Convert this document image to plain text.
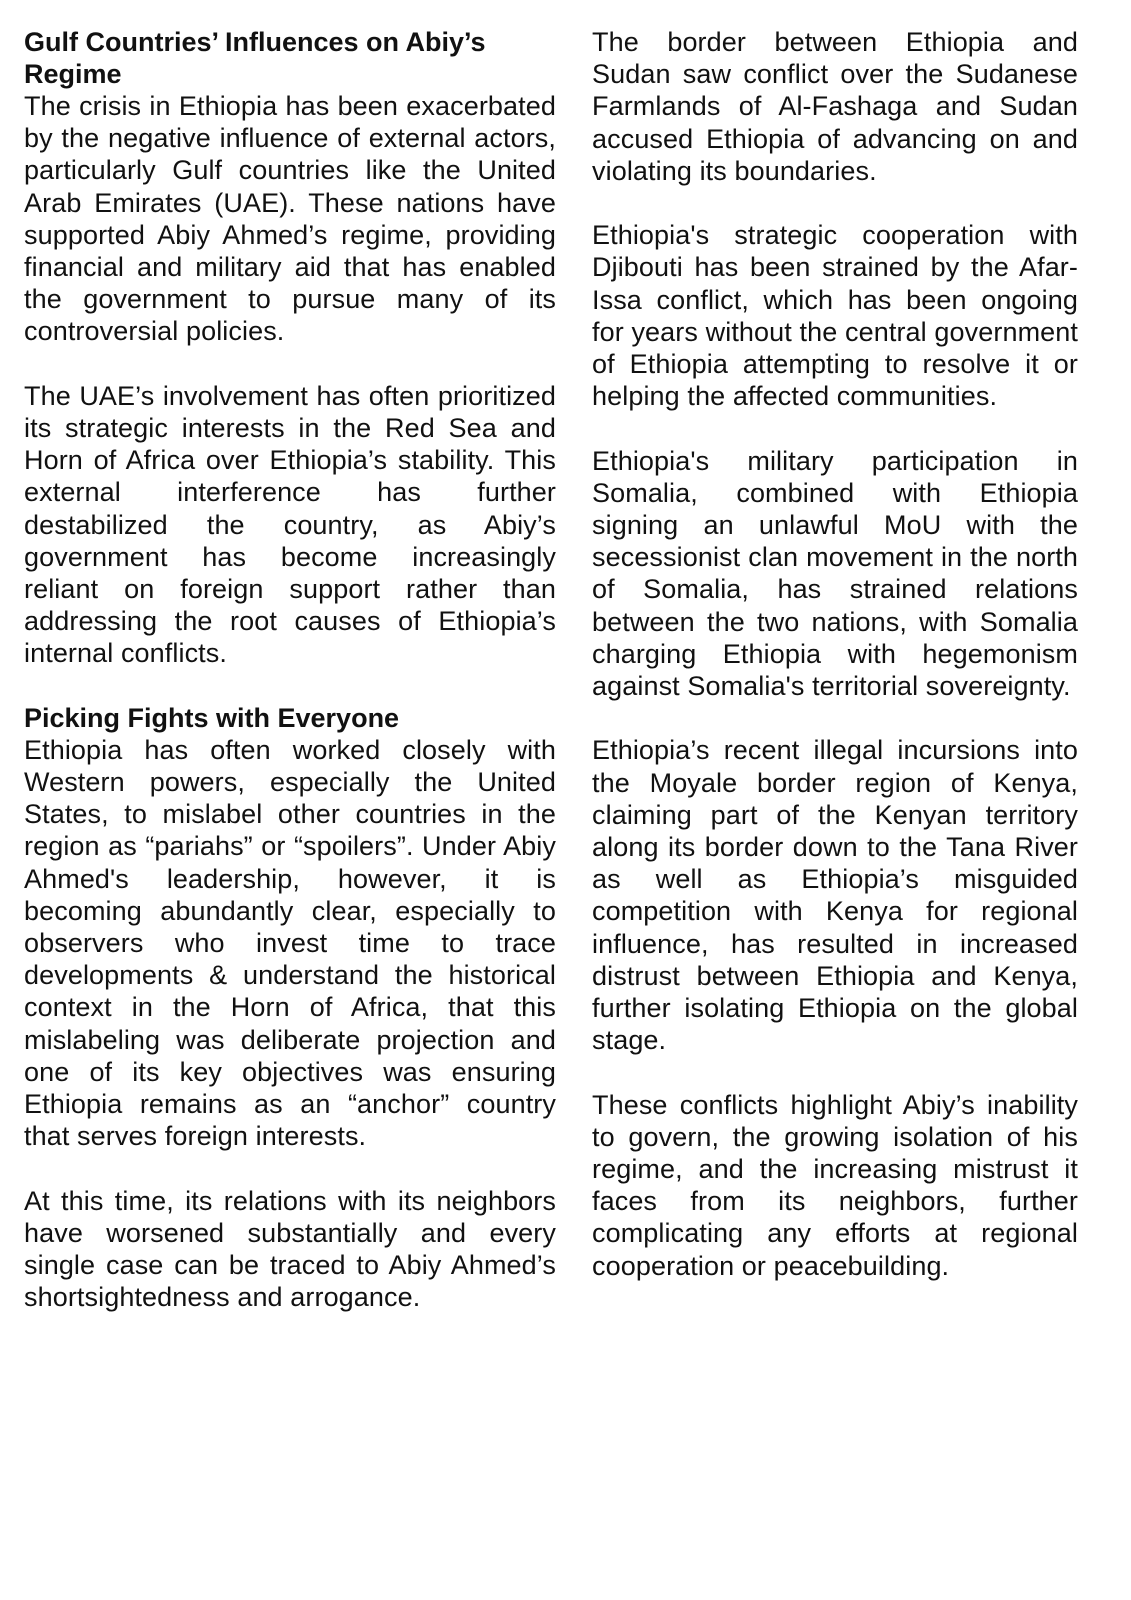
Gulf Countries’ Influences on Abiy’s Regime

The crisis in Ethiopia has been exacerbated by the negative influence of external actors, particularly Gulf countries like the United Arab Emirates (UAE). These nations have supported Abiy Ahmed’s regime, providing financial and military aid that has enabled the government to pursue many of its controversial policies.

The UAE’s involvement has often prioritized its strategic interests in the Red Sea and Horn of Africa over Ethiopia’s stability. This external interference has further destabilized the country, as Abiy’s government has become increasingly reliant on foreign support rather than addressing the root causes of Ethiopia’s internal conflicts.

Picking Fights with Everyone

Ethiopia has often worked closely with Western powers, especially the United States, to mislabel other countries in the region as “pariahs” or “spoilers”. Under Abiy Ahmed's leadership, however, it is becoming abundantly clear, especially to observers who invest time to trace developments & understand the historical context in the Horn of Africa, that this mislabeling was deliberate projection and one of its key objectives was ensuring Ethiopia remains as an “anchor” country that serves foreign interests.

At this time, its relations with its neighbors have worsened substantially and every single case can be traced to Abiy Ahmed’s shortsightedness and arrogance.

The border between Ethiopia and Sudan saw conflict over the Sudanese Farmlands of Al-Fashaga and Sudan accused Ethiopia of advancing on and violating its boundaries.

Ethiopia's strategic cooperation with Djibouti has been strained by the Afar-Issa conflict, which has been ongoing for years without the central government of Ethiopia attempting to resolve it or helping the affected communities.

Ethiopia's military participation in Somalia, combined with Ethiopia signing an unlawful MoU with the secessionist clan movement in the north of Somalia, has strained relations between the two nations, with Somalia charging Ethiopia with hegemonism against Somalia's territorial sovereignty.

Ethiopia’s recent illegal incursions into the Moyale border region of Kenya, claiming part of the Kenyan territory along its border down to the Tana River as well as Ethiopia’s misguided competition with Kenya for regional influence, has resulted in increased distrust between Ethiopia and Kenya, further isolating Ethiopia on the global stage.

These conflicts highlight Abiy’s inability to govern, the growing isolation of his regime, and the increasing mistrust it faces from its neighbors, further complicating any efforts at regional cooperation or peacebuilding.
